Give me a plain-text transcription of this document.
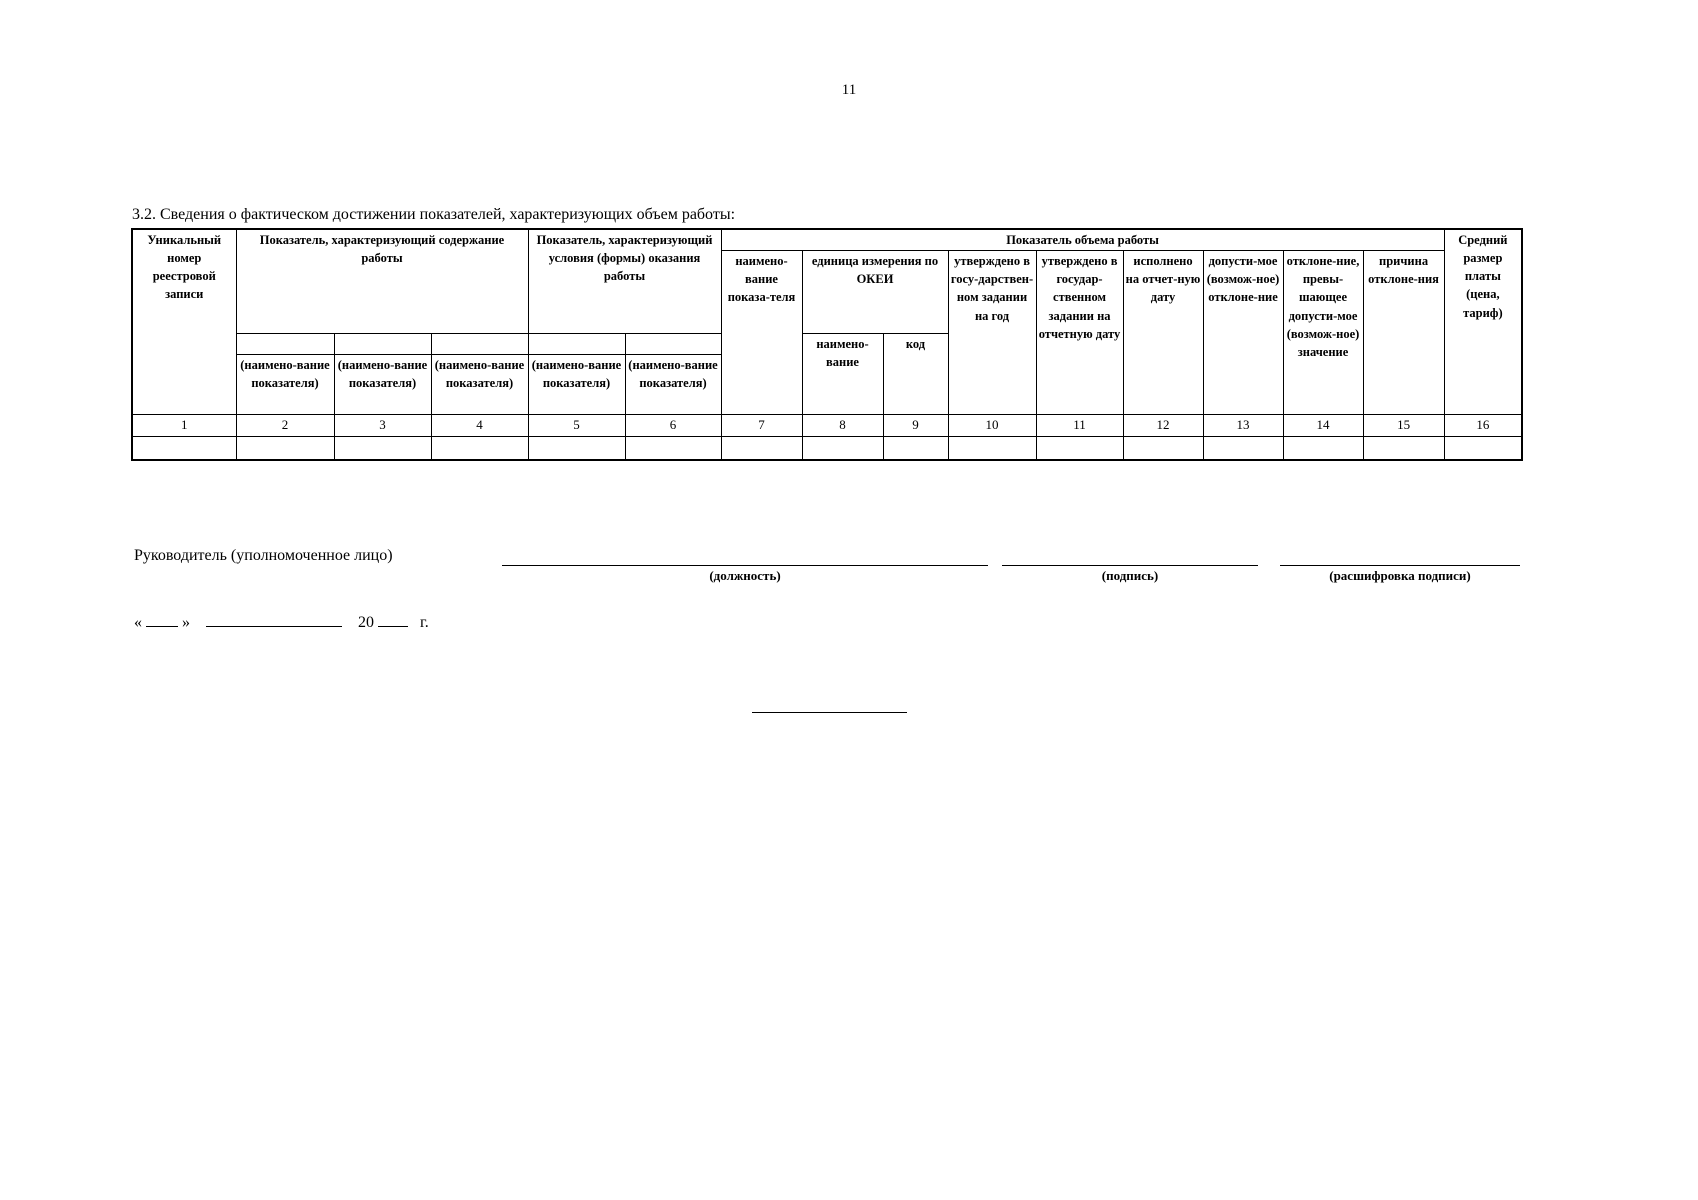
11
3.2. Сведения о фактическом достижении показателей, характеризующих объем работы:
Уникальный номер реестровой записи	Показатель, характеризующий содержание работы			Показатель, характеризующий условия (формы) оказания работы		Показатель объема работы									Средний размер платы (цена, тариф)
						наимено-вание показа-теля	единица измерения по ОКЕИ		утверждено в госу-дарствен-ном задании на год	утверждено в государ-ственном задании на отчетную дату	исполнено на отчет-ную дату	допусти-мое (возмож-ное) отклоне-ние	отклоне-ние, превы-шающее допусти-мое (возмож-ное) значение	причина отклоне-ния	
							наимено-вание	код							
	(наимено-вание показателя)	(наимено-вание показателя)	(наимено-вание показателя)	(наимено-вание показателя)	(наимено-вание показателя)										
1	2	3	4	5	6	7	8	9	10	11	12	13	14	15	16

Руководитель (уполномоченное лицо)
(должность)	(подпись)	(расшифровка подписи)
«	»	20	г.
